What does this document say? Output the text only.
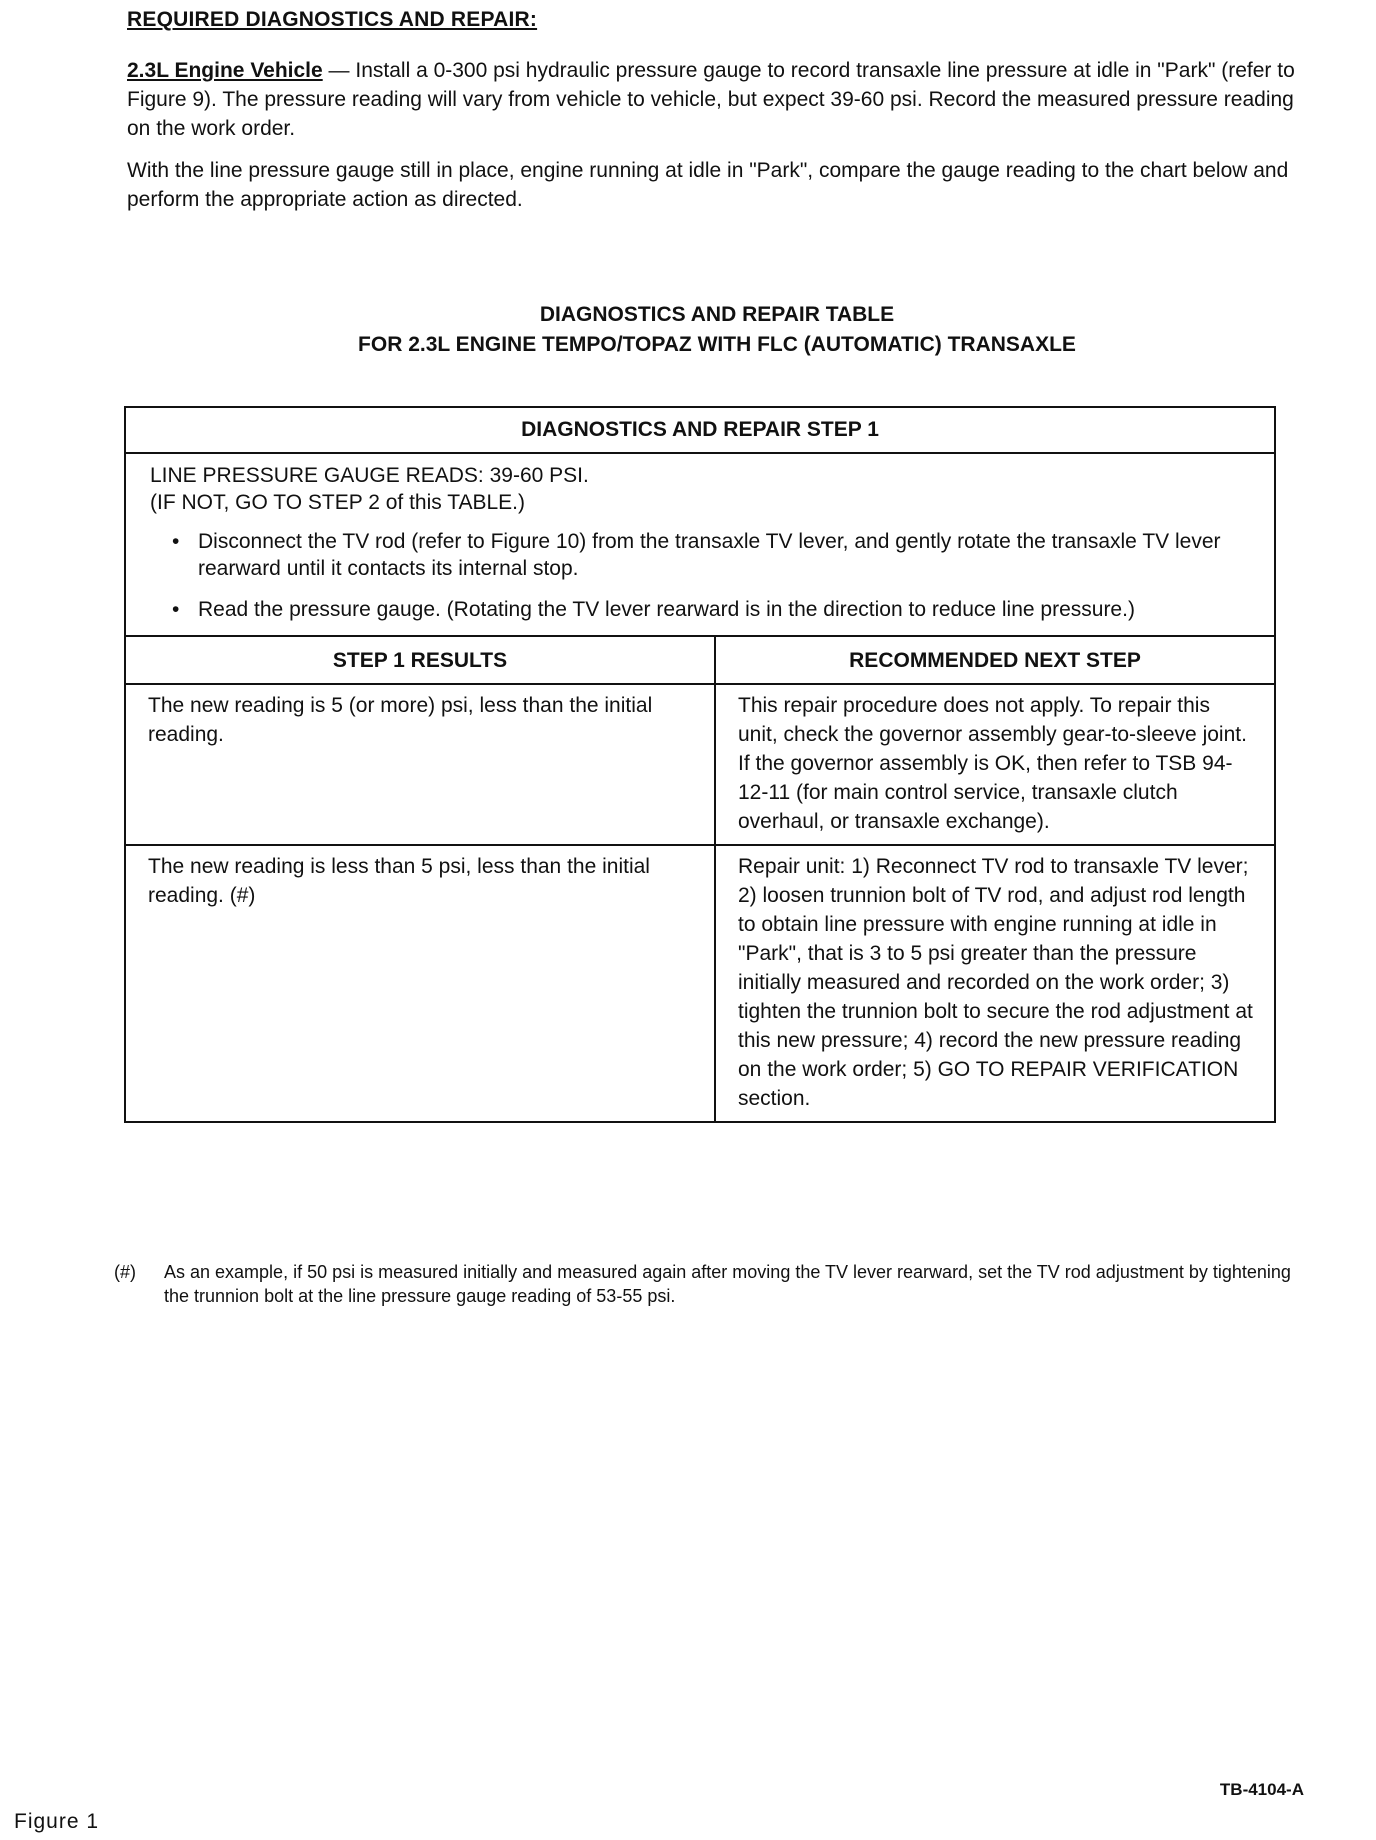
REQUIRED DIAGNOSTICS AND REPAIR:
2.3L Engine Vehicle — Install a 0-300 psi hydraulic pressure gauge to record transaxle line pressure at idle in "Park" (refer to Figure 9). The pressure reading will vary from vehicle to vehicle, but expect 39-60 psi. Record the measured pressure reading on the work order.
With the line pressure gauge still in place, engine running at idle in "Park", compare the gauge reading to the chart below and perform the appropriate action as directed.
DIAGNOSTICS AND REPAIR TABLE
FOR 2.3L ENGINE TEMPO/TOPAZ WITH FLC (AUTOMATIC) TRANSAXLE
DIAGNOSTICS AND REPAIR STEP 1

LINE PRESSURE GAUGE READS: 39-60 PSI.

(IF NOT, GO TO STEP 2 of this TABLE.)

• Disconnect the TV rod (refer to Figure 10) from the transaxle TV lever, and gently rotate the transaxle TV lever rearward until it contacts its internal stop.
• Read the pressure gauge. (Rotating the TV lever rearward is in the direction to reduce line pressure.)
STEP 1 RESULTS	RECOMMENDED NEXT STEP
The new reading is 5 (or more) psi, less than the initial reading.
This repair procedure does not apply. To repair this unit, check the governor assembly gear-to-sleeve joint. If the governor assembly is OK, then refer to TSB 94-12-11 (for main control service, transaxle clutch overhaul, or transaxle exchange).
The new reading is less than 5 psi, less than the initial reading. (#)
Repair unit: 1) Reconnect TV rod to transaxle TV lever; 2) loosen trunnion bolt of TV rod, and adjust rod length to obtain line pressure with engine running at idle in "Park", that is 3 to 5 psi greater than the pressure initially measured and recorded on the work order; 3) tighten the trunnion bolt to secure the rod adjustment at this new pressure; 4) record the new pressure reading on the work order; 5) GO TO REPAIR VERIFICATION section.
(#)	As an example, if 50 psi is measured initially and measured again after moving the TV lever rearward, set the TV rod adjustment by tightening the trunnion bolt at the line pressure gauge reading of 53-55 psi.
TB-4104-A
Figure 1
